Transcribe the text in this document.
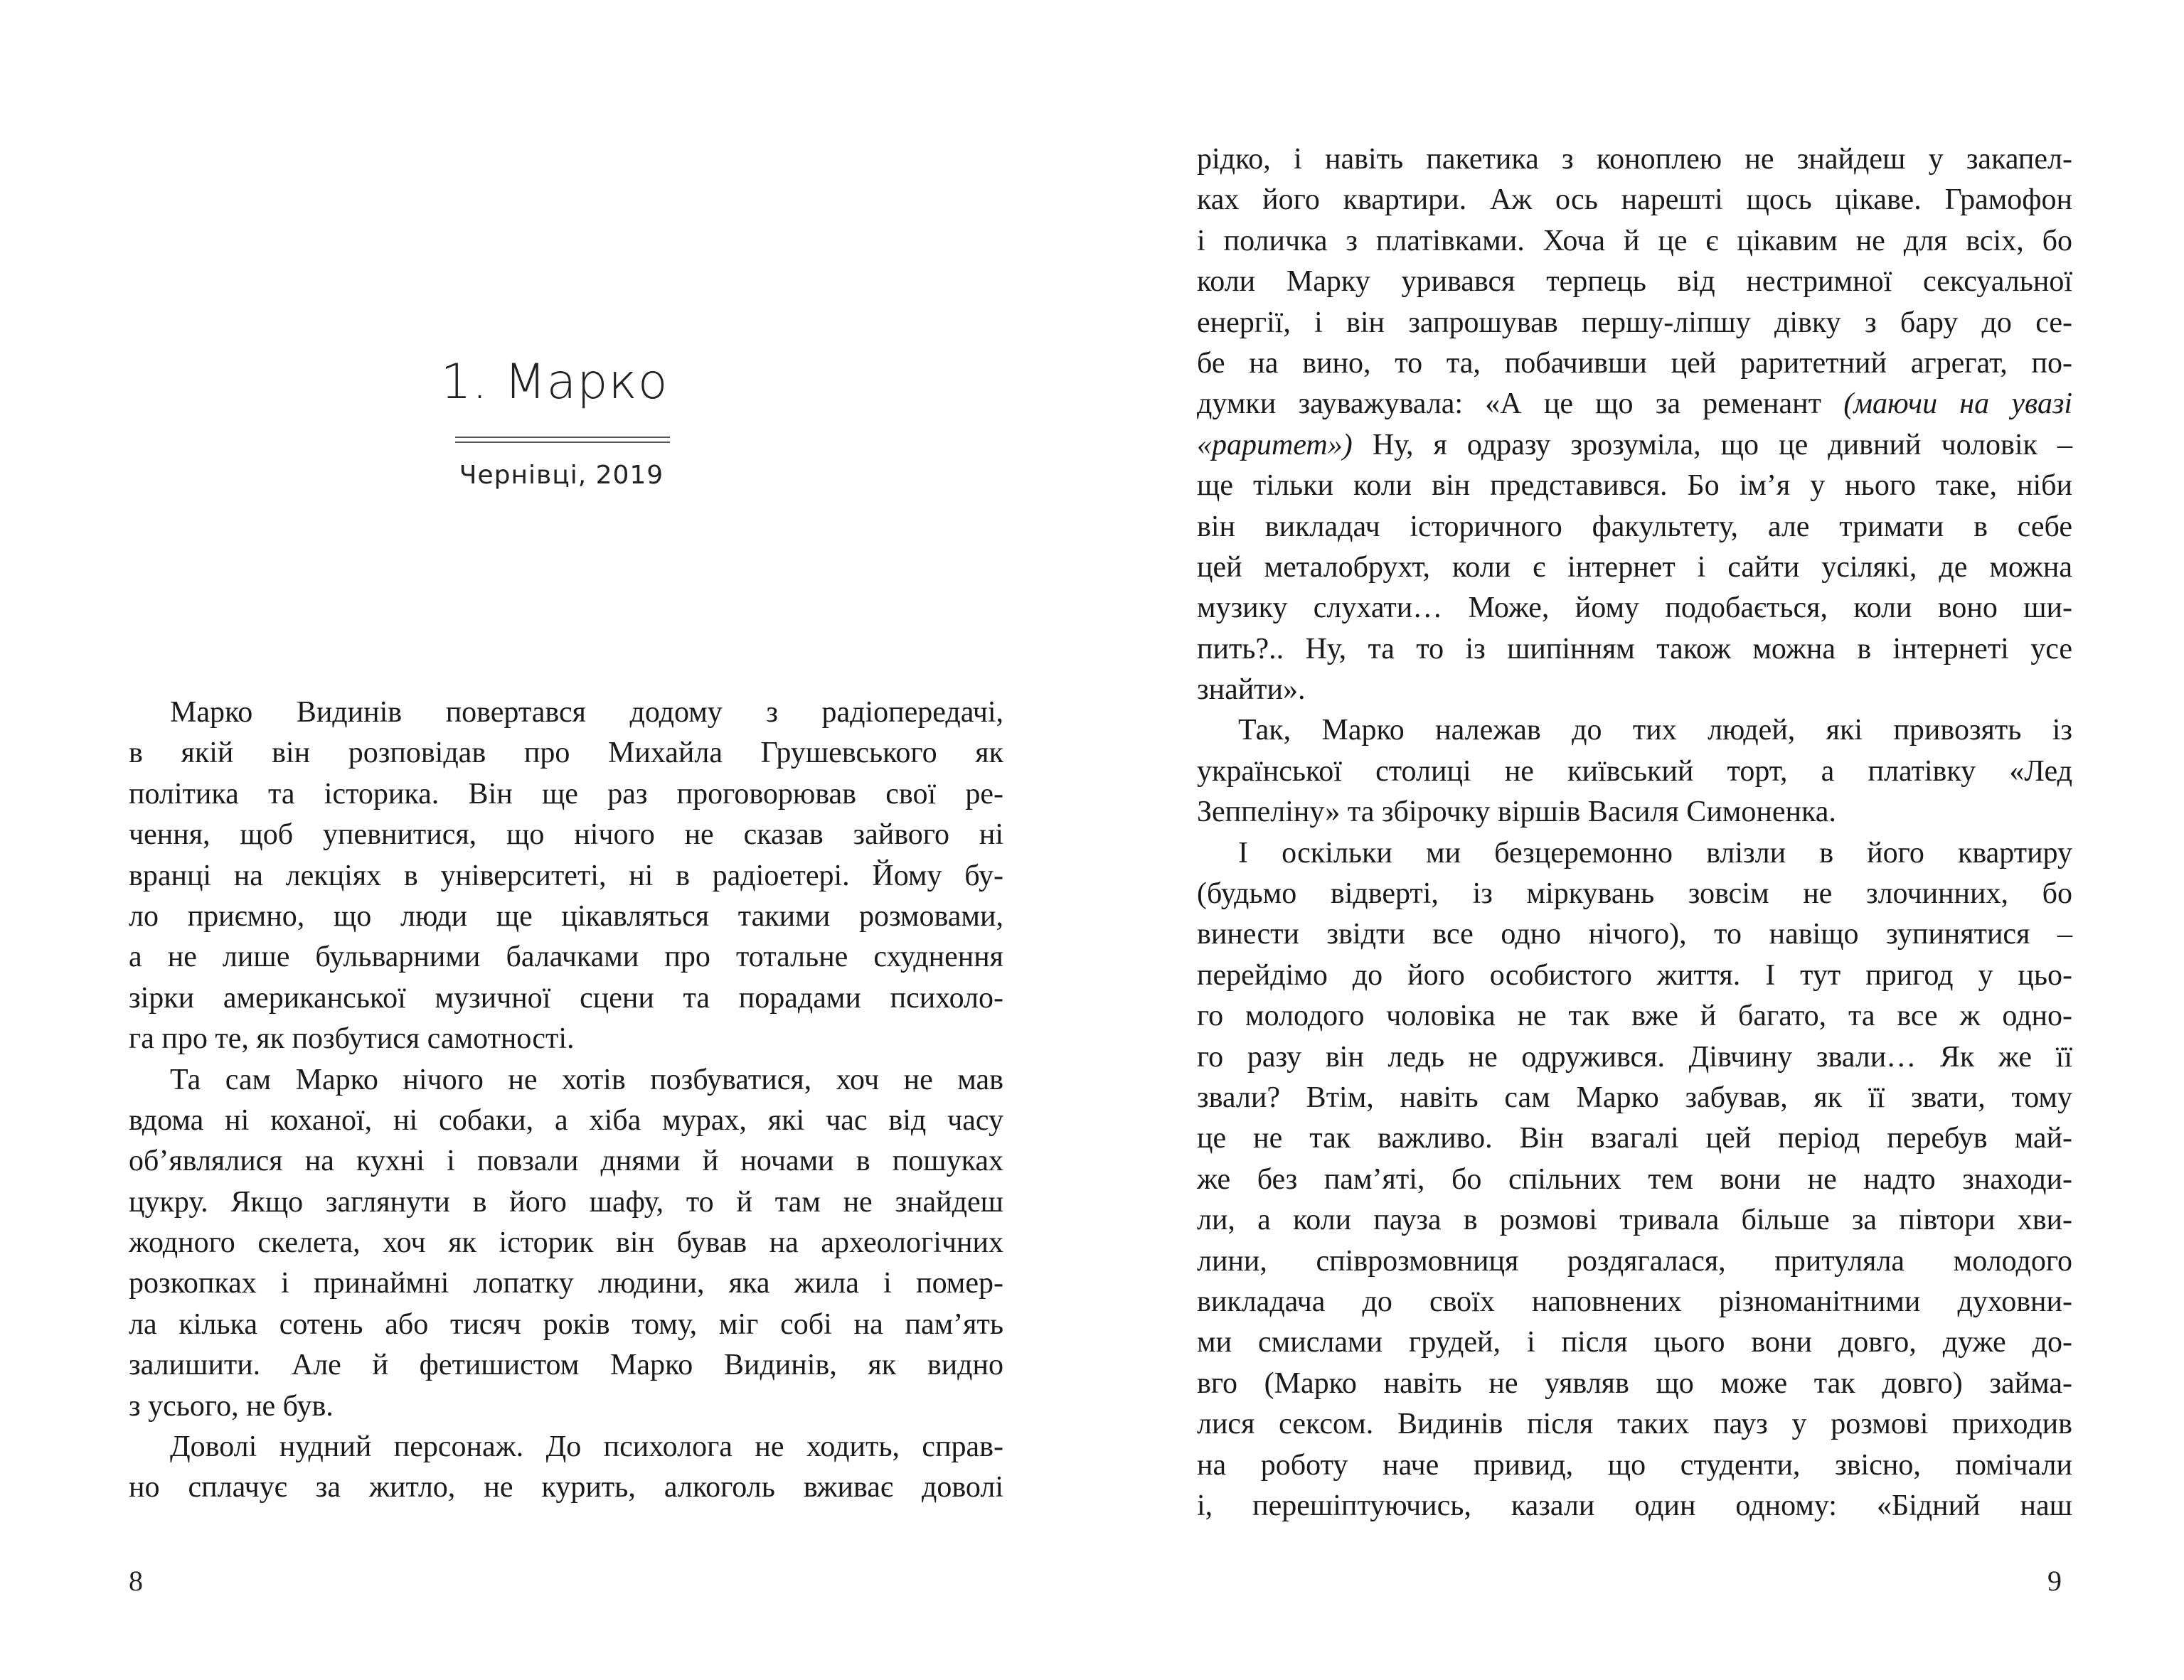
1. Марко
Чернівці, 2019

Марко Видинів повертався додому з радіопередачі,
в якій він розповідав про Михайла Грушевського як
політика та історика. Він ще раз проговорював свої ре-
чення, щоб упевнитися, що нічого не сказав зайвого ні
вранці на лекціях в університеті, ні в радіоетері. Йому бу-
ло приємно, що люди ще цікавляться такими розмовами,
а не лише бульварними балачками про тотальне схуднення
зірки американської музичної сцени та порадами психоло-
га про те, як позбутися самотності.

Та сам Марко нічого не хотів позбуватися, хоч не мав
вдома ні коханої, ні собаки, а хіба мурах, які час від часу
об’являлися на кухні і повзали днями й ночами в пошуках
цукру. Якщо заглянути в його шафу, то й там не знайдеш
жодного скелета, хоч як історик він бував на археологічних
розкопках і принаймні лопатку людини, яка жила і помер-
ла кілька сотень або тисяч років тому, міг собі на пам’ять
залишити. Але й фетишистом Марко Видинів, як видно
з усього, не був.

Доволі нудний персонаж. До психолога не ходить, справ-
но сплачує за житло, не курить, алкоголь вживає доволі

8

рідко, і навіть пакетика з коноплею не знайдеш у закапел-
ках його квартири. Аж ось нарешті щось цікаве. Грамофон
і поличка з платівками. Хоча й це є цікавим не для всіх, бо
коли Марку уривався терпець від нестримної сексуальної
енергії, і він запрошував першу-ліпшу дівку з бару до се-
бе на вино, то та, побачивши цей раритетний агрегат, по-
думки зауважувала: «А це що за ременант (маючи на увазі
«раритет») Ну, я одразу зрозуміла, що це дивний чоловік –
ще тільки коли він представився. Бо ім’я у нього таке, ніби
він викладач історичного факультету, але тримати в себе
цей металобрухт, коли є інтернет і сайти усілякі, де можна
музику слухати… Може, йому подобається, коли воно ши-
пить?.. Ну, та то із шипінням також можна в інтернеті усе
знайти».

Так, Марко належав до тих людей, які привозять із
української столиці не київський торт, а платівку «Лед
Зеппеліну» та збірочку віршів Василя Симоненка.

І оскільки ми безцеремонно влізли в його квартиру
(будьмо відверті, із міркувань зовсім не злочинних, бо
винести звідти все одно нічого), то навіщо зупинятися –
перейдімо до його особистого життя. І тут пригод у цьо-
го молодого чоловіка не так вже й багато, та все ж одно-
го разу він ледь не одружився. Дівчину звали… Як же її
звали? Втім, навіть сам Марко забував, як її звати, тому
це не так важливо. Він взагалі цей період перебув май-
же без пам’яті, бо спільних тем вони не надто знаходи-
ли, а коли пауза в розмові тривала більше за півтори хви-
лини, співрозмовниця роздягалася, притуляла молодого
викладача до своїх наповнених різноманітними духовни-
ми смислами грудей, і після цього вони довго, дуже до-
вго (Марко навіть не уявляв що може так довго) займа-
лися сексом. Видинів після таких пауз у розмові приходив
на роботу наче привид, що студенти, звісно, помічали
і, перешіптуючись, казали один одному: «Бідний наш

9
